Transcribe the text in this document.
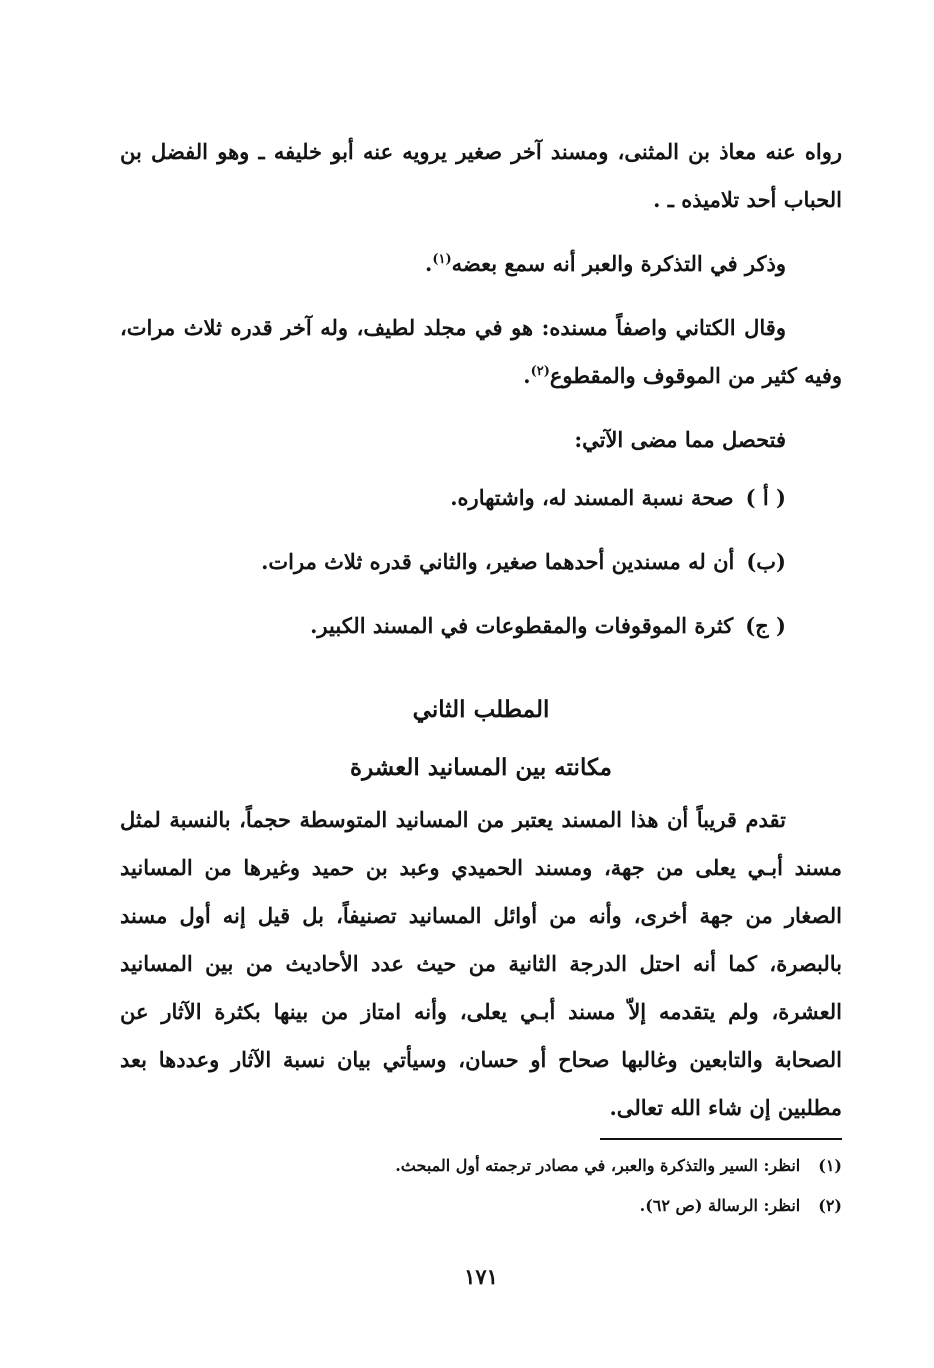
رواه عنه معاذ بن المثنى، ومسند آخر صغير يرويه عنه أبو خليفه ـ وهو الفضل بن الحباب أحد تلاميذه ـ .

وذكر في التذكرة والعبر أنه سمع بعضه$^{(١)}$.

وقال الكتاني واصفاً مسنده: هو في مجلد لطيف، وله آخر قدره ثلاث مرات، وفيه كثير من الموقوف والمقطوع$^{(٢)}$.

فتحصل مما مضى الآتي:

( أ )صحة نسبة المسند له، واشتهاره.

(ب)أن له مسندين أحدهما صغير، والثاني قدره ثلاث مرات.

( ج)كثرة الموقوفات والمقطوعات في المسند الكبير.

المطلب الثاني
مكانته بين المسانيد العشرة

تقدم قريباً أن هذا المسند يعتبر من المسانيد المتوسطة حجماً، بالنسبة لمثل مسند أبـي يعلى من جهة، ومسند الحميدي وعبد بن حميد وغيرها من المسانيد الصغار من جهة أخرى، وأنه من أوائل المسانيد تصنيفاً، بل قيل إنه أول مسند بالبصرة، كما أنه احتل الدرجة الثانية من حيث عدد الأحاديث من بين المسانيد العشرة، ولم يتقدمه إلاّ مسند أبـي يعلى، وأنه امتاز من بينها بكثرة الآثار عن الصحابة والتابعين وغالبها صحاح أو حسان، وسيأتي بيان نسبة الآثار وعددها بعد مطلبين إن شاء الله تعالى.

(١)انظر: السير والتذكرة والعبر، في مصادر ترجمته أول المبحث.

(٢)انظر: الرسالة (ص ٦٢).

١٧١
